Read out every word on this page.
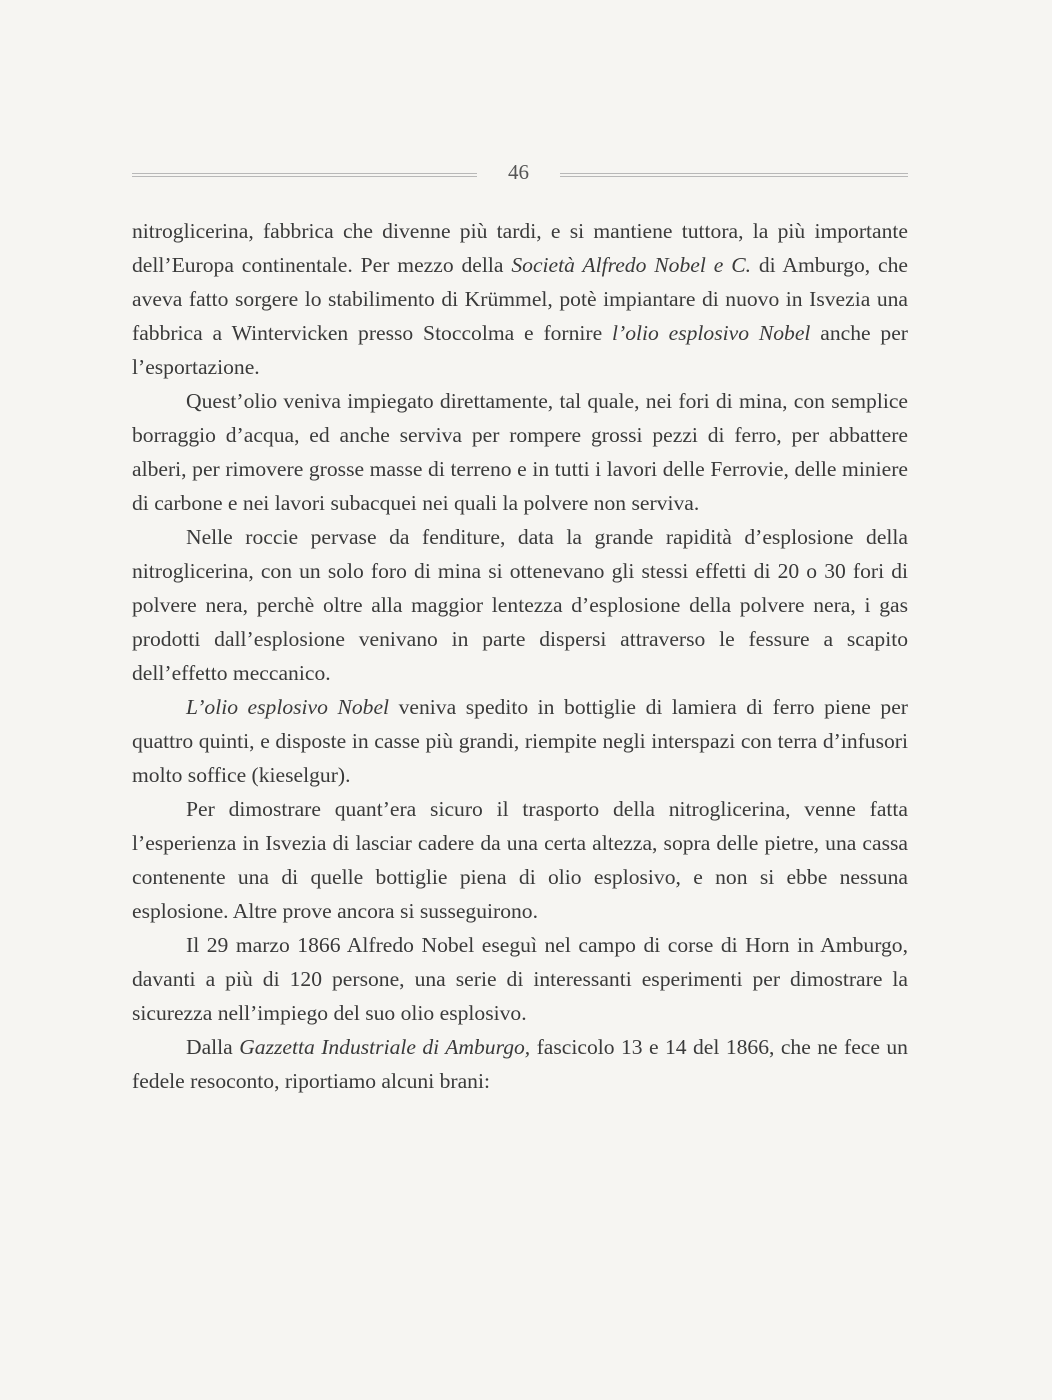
46

nitroglicerina, fabbrica che divenne più tardi, e si mantiene tuttora, la più importante dell’Europa continentale. Per mezzo della Società Alfredo Nobel e C. di Amburgo, che aveva fatto sorgere lo stabilimento di Krümmel, potè impiantare di nuovo in Isvezia una fabbrica a Wintervicken presso Stoccolma e fornire l’olio esplosivo Nobel anche per l’esportazione.

Quest’olio veniva impiegato direttamente, tal quale, nei fori di mina, con semplice borraggio d’acqua, ed anche serviva per rompere grossi pezzi di ferro, per abbattere alberi, per rimovere grosse masse di terreno e in tutti i lavori delle Ferrovie, delle miniere di carbone e nei lavori subacquei nei quali la polvere non serviva.

Nelle roccie pervase da fenditure, data la grande rapidità d’esplosione della nitroglicerina, con un solo foro di mina si ottenevano gli stessi effetti di 20 o 30 fori di polvere nera, perchè oltre alla maggior lentezza d’esplosione della polvere nera, i gas prodotti dall’esplosione venivano in parte dispersi attraverso le fessure a scapito dell’effetto meccanico.

L’olio esplosivo Nobel veniva spedito in bottiglie di lamiera di ferro piene per quattro quinti, e disposte in casse più grandi, riempite negli interspazi con terra d’infusori molto soffice (kieselgur).

Per dimostrare quant’era sicuro il trasporto della nitroglicerina, venne fatta l’esperienza in Isvezia di lasciar cadere da una certa altezza, sopra delle pietre, una cassa contenente una di quelle bottiglie piena di olio esplosivo, e non si ebbe nessuna esplosione. Altre prove ancora si susseguirono.

Il 29 marzo 1866 Alfredo Nobel eseguì nel campo di corse di Horn in Amburgo, davanti a più di 120 persone, una serie di interessanti esperimenti per dimostrare la sicurezza nell’impiego del suo olio esplosivo.

Dalla Gazzetta Industriale di Amburgo, fascicolo 13 e 14 del 1866, che ne fece un fedele resoconto, riportiamo alcuni brani:
